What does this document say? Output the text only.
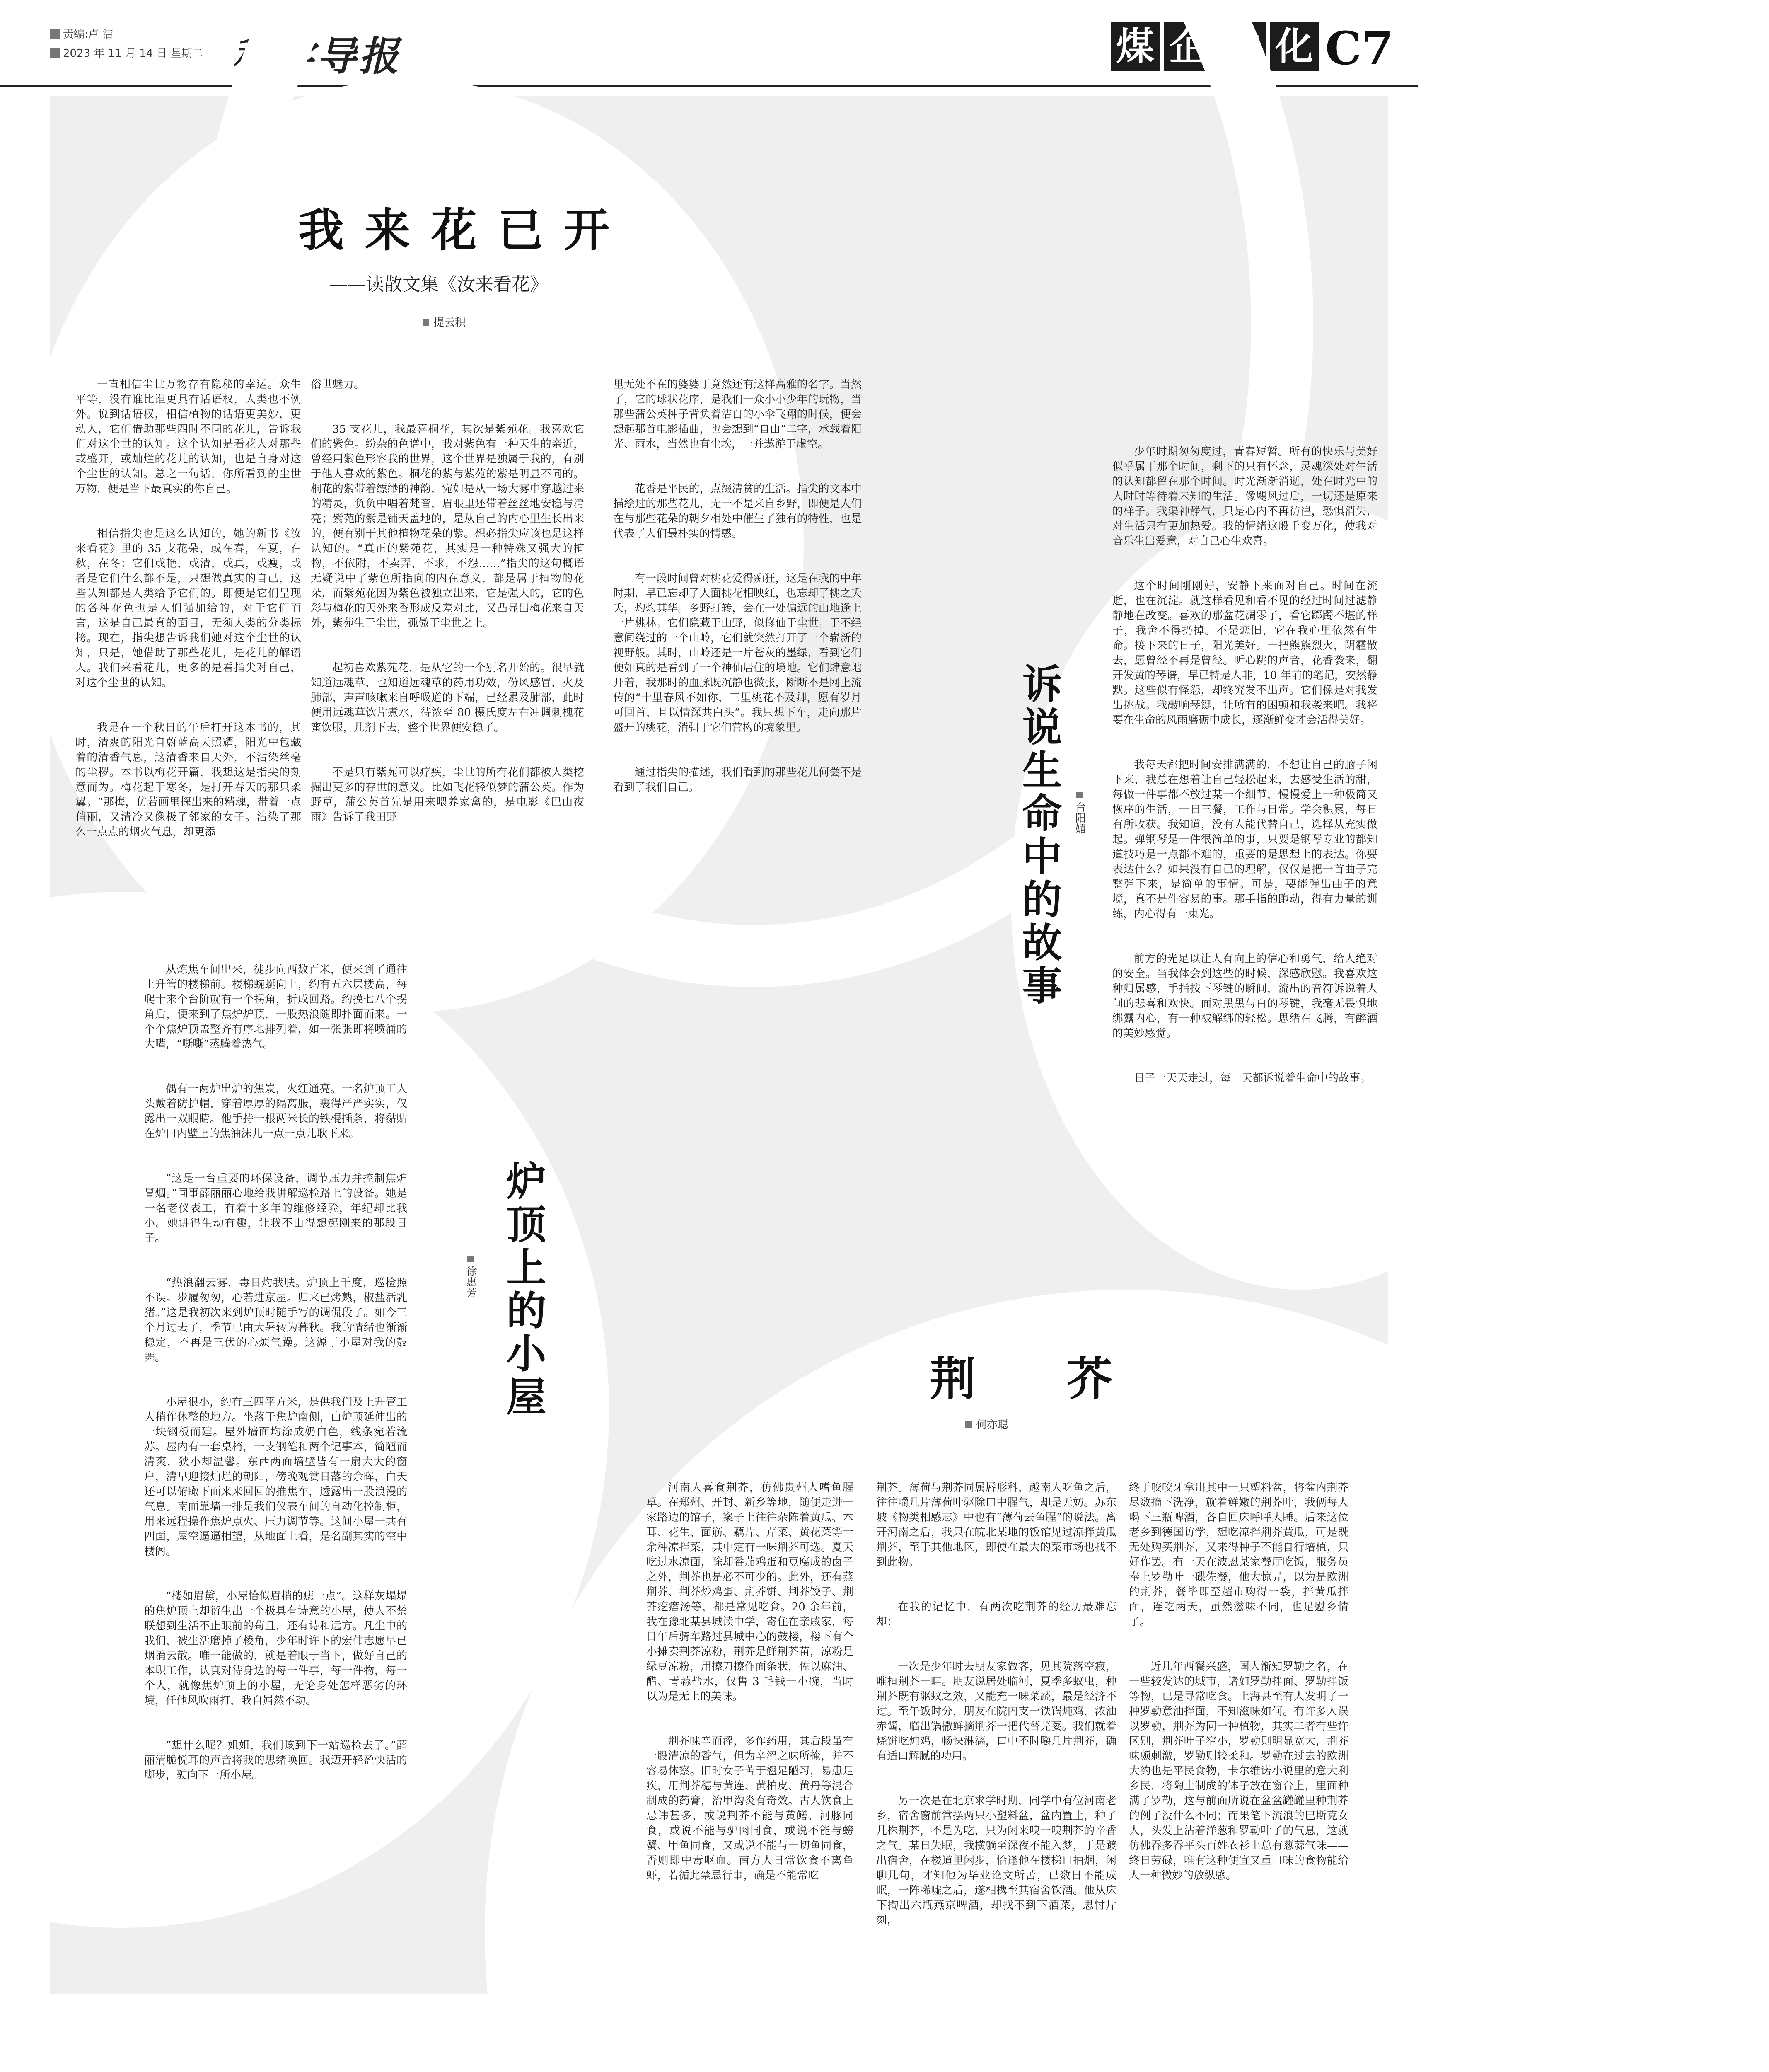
责编:卢 洁
2023 年 11 月 14 日 星期二 科学导报	煤 企 文 化 C7
我 来 花 已 开
——读散文集《汝来看花》
提云积

一直相信尘世万物存有隐秘的幸运。众生平等，没有谁比谁更具有话语权，人类也不例外。说到话语权，相信植物的话语更美妙，更动人，它们借助那些四时不同的花儿，告诉我们对这尘世的认知。这个认知是看花人对那些或盛开，或灿烂的花儿的认知，也是自身对这个尘世的认知。总之一句话，你所看到的尘世万物，便是当下最真实的你自己。

相信指尖也是这么认知的，她的新书《汝来看花》里的 35 支花朵，或在春，在夏，在秋，在冬；它们或艳，或清，或真，或瘦，或者是它们什么都不是，只想做真实的自己，这些认知都是人类给予它们的。即便是它们呈现的各种花色也是人们强加给的，对于它们而言，这是自己最真的面目，无须人类的分类标榜。现在，指尖想告诉我们她对这个尘世的认知，只是，她借助了那些花儿，是花儿的解语人。我们来看花儿，更多的是看指尖对自己，对这个尘世的认知。

我是在一个秋日的午后打开这本书的，其时，清爽的阳光自蔚蓝高天照耀，阳光中包藏着的清香气息，这清香来自天外，不沾染丝毫的尘秽。本书以梅花开篇，我想这是指尖的刻意而为。梅花起于寒冬，是打开春天的那只柔翼。“那梅，仿若画里探出来的精魂，带着一点俏丽，又清冷又像极了邻家的女子。沾染了那么一点点的烟火气息，却更添

俗世魅力。

35 支花儿，我最喜桐花，其次是紫苑花。我喜欢它们的紫色。纷杂的色谱中，我对紫色有一种天生的亲近，曾经用紫色形容我的世界，这个世界是独属于我的，有别于他人喜欢的紫色。桐花的紫与紫苑的紫是明显不同的。桐花的紫带着缥缈的神韵，宛如是从一场大雾中穿越过来的精灵，负负中唱着梵音，眉眼里还带着丝丝地安稳与清亮；紫苑的紫是铺天盖地的，是从自己的内心里生长出来的，便有别于其他植物花朵的紫。想必指尖应该也是这样认知的。“真正的紫苑花，其实是一种特殊又强大的植物，不依附，不卖弄，不求，不怨……”指尖的这句概语无疑说中了紫色所指向的内在意义，都是属于植物的花朵，而紫苑花因为紫色被独立出来，它是强大的，它的色彩与梅花的天外来香形成反差对比，又凸显出梅花来自天外，紫苑生于尘世，孤傲于尘世之上。

起初喜欢紫苑花，是从它的一个别名开始的。很早就知道远魂草，也知道远魂草的药用功效，份风感冒，火及肺部，声声咳嗽来自呼吸道的下端，已经累及肺部，此时便用远魂草饮片煮水，待浓至 80 摄氏度左右冲调刺槐花蜜饮服，几剂下去，整个世界便安稳了。

不是只有紫苑可以疗疾，尘世的所有花们都被人类挖掘出更多的存世的意义。比如飞花轻似梦的蒲公英。作为野草，蒲公英首先是用来喂养家禽的，是电影《巴山夜雨》告诉了我田野

里无处不在的婆婆丁竟然还有这样高雅的名字。当然了，它的球状花序，是我们一众小小少年的玩物，当那些蒲公英种子背负着洁白的小伞飞翔的时候，便会想起那首电影插曲，也会想到“自由”二字，承载着阳光、雨水，当然也有尘埃，一并遨游于虚空。

花香是平民的，点缀清贫的生活。指尖的文本中描绘过的那些花儿，无一不是来自乡野，即便是人们在与那些花朵的朝夕相处中催生了独有的特性，也是代表了人们最朴实的情感。

有一段时间曾对桃花爱得痴狂，这是在我的中年时期，早已忘却了人面桃花相映红，也忘却了桃之夭夭，灼灼其华。乡野打转，会在一处偏远的山地逢上一片桃林。它们隐藏于山野，似修仙于尘世。于不经意间绕过的一个山岭，它们就突然打开了一个崭新的视野般。其时，山岭还是一片苍灰的墨绿，看到它们便如真的是看到了一个神仙居住的境地。它们肆意地开着，我那时的血脉既沉静也微张，断断不是网上流传的“十里春风不如你，三里桃花不及卿，愿有岁月可回首，且以情深共白头”。我只想下车，走向那片盛开的桃花，消弭于它们营构的境象里。

通过指尖的描述，我们看到的那些花儿何尝不是看到了我们自己。	诉说生命中的故事	台阳媚

少年时期匆匆度过，青春短暂。所有的快乐与美好似乎属于那个时间，剩下的只有怀念，灵魂深处对生活的认知都留在那个时间。时光渐渐消逝，处在时光中的人时时等待着未知的生活。像飓风过后，一切还是原来的样子。我渠神静气，只是心内不再彷徨，恐惧消失，对生活只有更加热爱。我的情绪这般千变万化，使我对音乐生出爱意，对自己心生欢喜。

这个时间刚刚好，安静下来面对自己。时间在流逝，也在沉淀。就这样看见和看不见的经过时间过滤静静地在改变。喜欢的那盆花凋零了，看它踯躅不堪的样子，我舍不得扔掉。不是恋旧，它在我心里依然有生命。接下来的日子，阳光美好。一把熊熊烈火，阴霾散去，愿曾经不再是曾经。听心跳的声音，花香袭来，翻开发黄的琴谱，早已特是人非，10 年前的笔记，安然静默。这些似有怪怨，却终究发不出声。它们像是对我发出挑战。我敲响琴键，让所有的困顿和我袭来吧。我将要在生命的风雨磨砺中成长，逐渐鲜变才会活得美好。

我每天都把时间安排满满的，不想让自己的脑子闲下来，我总在想着让自己轻松起来，去感受生活的甜，每做一件事都不放过某一个细节，慢慢爱上一种极简又恢序的生活，一日三餐，工作与日常。学会积累，每日有所收获。我知道，没有人能代替自己，选择从充实做起。弹钢琴是一件很简单的事，只要是钢琴专业的都知道技巧是一点都不难的，重要的是思想上的表达。你要表达什么？如果没有自己的理解，仅仅是把一首曲子完整弹下来，是简单的事情。可是，要能弹出曲子的意境，真不是件容易的事。那手指的跑动，得有力量的训练，内心得有一束光。

前方的光足以让人有向上的信心和勇气，给人绝对的安全。当我体会到这些的时候，深感欣慰。我喜欢这种归属感，手指按下琴键的瞬间，流出的音符诉说着人间的悲喜和欢快。面对黑黑与白的琴键，我毫无畏惧地绑露内心，有一种被解绑的轻松。思绪在飞腾，有醉酒的美妙感觉。

日子一天天走过，每一天都诉说着生命中的故事。

炉顶上的小屋
徐惠芳

从炼焦车间出来，徒步向西数百米，便来到了通往上升管的楼梯前。楼梯蜿蜒向上，约有五六层楼高，每爬十来个台阶就有一个拐角，折成回路。约摸七八个拐角后，便来到了焦炉炉顶，一股热浪随即扑面而来。一个个焦炉顶盖整齐有序地排列着，如一张张即将喷涌的大嘴，“嘶嘶”蒸腾着热气。

偶有一两炉出炉的焦炭，火红通亮。一名炉顶工人头戴着防护帽，穿着厚厚的隔离服，裹得严严实实，仅露出一双眼睛。他手持一根两米长的铁棍插条，将黏贴在炉口内壁上的焦油沫儿一点一点儿耿下来。

“这是一台重要的环保设备，调节压力并控制焦炉冒烟。”同事薛丽丽心地给我讲解巡检路上的设备。她是一名老仪表工，有着十多年的维修经验，年纪却比我小。她讲得生动有趣，让我不由得想起刚来的那段日子。

“热浪翻云雾，毒日灼我肤。炉顶上千度，巡检照不误。步履匆匆，心若进京屋。归来已烤熟，椒盐活乳猪。”这是我初次来到炉顶时随手写的调侃段子。如今三个月过去了，季节已由大暑转为暮秋。我的情绪也渐渐稳定，不再是三伏的心烦气躁。这源于小屋对我的鼓舞。

小屋很小，约有三四平方米，是供我们及上升管工人稍作休整的地方。坐落于焦炉南侧，由炉顶延伸出的一块钢板而建。屋外墙面均涂成奶白色，线条宛若流苏。屋内有一套桌椅，一支钢笔和两个记事本，简陋而清爽，狭小却温馨。东西两面墙壁皆有一扇大大的窗户，清早迎接灿烂的朝阳，傍晚观赏日落的余晖，白天还可以俯瞰下面来来回回的推焦车，透露出一股浪漫的气息。南面靠墙一排是我们仪表车间的自动化控制柜，用来远程操作焦炉点火、压力调节等。这间小屋一共有四面，屋空逼逼相望，从地面上看，是名副其实的空中楼阁。

“楼如眉黛，小屋恰似眉梢的痣一点”。这样灰塌塌的焦炉顶上却衍生出一个极具有诗意的小屋，使人不禁联想到生活不止眼前的苟且，还有诗和远方。凡尘中的我们，被生活磨掉了棱角，少年时许下的宏伟志愿早已烟消云散。唯一能做的，就是着眼于当下，做好自己的本职工作，认真对待身边的每一件事，每一件物，每一个人，就像焦炉顶上的小屋，无论身处怎样恶劣的环境，任他风吹雨打，我自岿然不动。

“想什么呢？姐姐，我们该到下一站巡检去了。”薛丽清脆悦耳的声音将我的思绪唤回。我迈开轻盈快活的脚步，驶向下一所小屋。

荆　　芥
何亦聪

河南人喜食荆芥，仿佛贵州人嗜鱼腥草。在郑州、开封、新乡等地，随便走进一家路边的馆子，案子上往往杂陈着黄瓜、木耳、花生、面筋、藕片、芹菜、黄花菜等十余种凉拌菜，其中定有一味荆芥可选。夏天吃过水凉面，除却番茄鸡蛋和豆腐成的卤子之外，荆芥也是必不可少的。此外，还有蒸荆芥、荆芥炒鸡蛋、荆芥饼、荆芥饺子、荆芥疙瘩汤等，都是常见吃食。20 余年前，我在豫北某县城读中学，寄住在亲戚家，每日午后骑车路过县城中心的鼓楼，楼下有个小摊卖荆芥凉粉，荆芥是鲜荆芥苗，凉粉是绿豆凉粉，用擦刀擦作面条状，佐以麻油、醋、青蒜盐水，仅售 3 毛钱一小碗，当时以为是无上的美味。

荆芥味辛而涩，多作药用，其后段虽有一股清凉的香气，但为辛涩之味所掩，并不容易体察。旧时女子苦于翘足陋习，易患足疾，用荆芥穗与黄连、黄柏皮、黄丹等混合制成的药膏，治甲沟炎有奇效。古人饮食上忌讳甚多，或说荆芥不能与黄鳝、河豚同食，或说不能与驴肉同食，或说不能与螃蟹、甲鱼同食，又或说不能与一切鱼同食，否则即中毒呕血。南方人日常饮食不离鱼虾，若循此禁忌行事，确是不能常吃

荆芥。薄荷与荆芥同属唇形科，越南人吃鱼之后，往往嚼几片薄荷叶驱除口中腥气，却是无妨。苏东坡《物类相感志》中也有“薄荷去鱼腥”的说法。离开河南之后，我只在皖北某地的饭馆见过凉拌黄瓜荆芥，至于其他地区，即使在最大的菜市场也找不到此物。

在我的记忆中，有两次吃荆芥的经历最难忘却：

一次是少年时去朋友家做客，见其院落空寂，唯植荆芥一畦。朋友说居处临河，夏季多蚊虫，种荆芥既有驱蚊之效，又能充一味菜蔬，最是经济不过。至午饭时分，朋友在院内支一铁锅炖鸡，浓油赤酱，临出锅撒鲜摘荆芥一把代替芫荽。我们就着烧饼吃炖鸡，畅快淋漓，口中不时嚼几片荆芥，确有适口解腻的功用。

另一次是在北京求学时期，同学中有位河南老乡，宿舍窗前常摆两只小塑料盆，盆内置土，种了几株荆芥，不是为吃，只为闲来嗅一嗅荆芥的辛香之气。某日失眠，我横躺至深夜不能入梦，于是踱出宿舍，在楼道里闲步，恰逢他在楼梯口抽烟，闲聊几句，才知他为毕业论文所苦，已数日不能成眠，一阵唏嘘之后，遂相携至其宿舍饮酒。他从床下掏出六瓶燕京啤酒，却找不到下酒菜，思忖片刻，

终于咬咬牙拿出其中一只塑料盆，将盆内荆芥尽数摘下洗净，就着鲜嫩的荆芥叶，我俩每人喝下三瓶啤酒，各自回床呼呼大睡。后来这位老乡到德国访学，想吃凉拌荆芥黄瓜，可是既无处购买荆芥，又来得种子不能自行培植，只好作罢。有一天在波恩某家餐厅吃饭，服务员奉上罗勒叶一碟佐餐，他大惊异，以为是欧洲的荆芥，餐毕即至超市购得一袋，拌黄瓜拌面，连吃两天，虽然滋味不同，也足慰乡情了。

近几年西餐兴盛，国人渐知罗勒之名，在一些较发达的城市，诸如罗勒拌面、罗勒拌饭等物，已是寻常吃食。上海甚至有人发明了一种罗勒意油拌面，不知滋味如何。有许多人误以罗勒，荆芥为同一种植物，其实二者有些许区别，荆芥叶子窄小，罗勒则明显宽大，荆芥味颇刺激，罗勒则较柔和。罗勒在过去的欧洲大约也是平民食物，卡尔维诺小说里的意大利乡民，将陶土制成的钵子放在窗台上，里面种满了罗勒，这与前面所说在盆盆罐罐里种荆芥的例子没什么不同；而果笔下流浪的巴斯克女人，头发上沾着洋葱和罗勒叶子的气息，这就仿佛吞多吞平头百姓衣衫上总有葱蒜气味——终日劳碌，唯有这种便宜又重口味的食物能给人一种微妙的放纵感。
